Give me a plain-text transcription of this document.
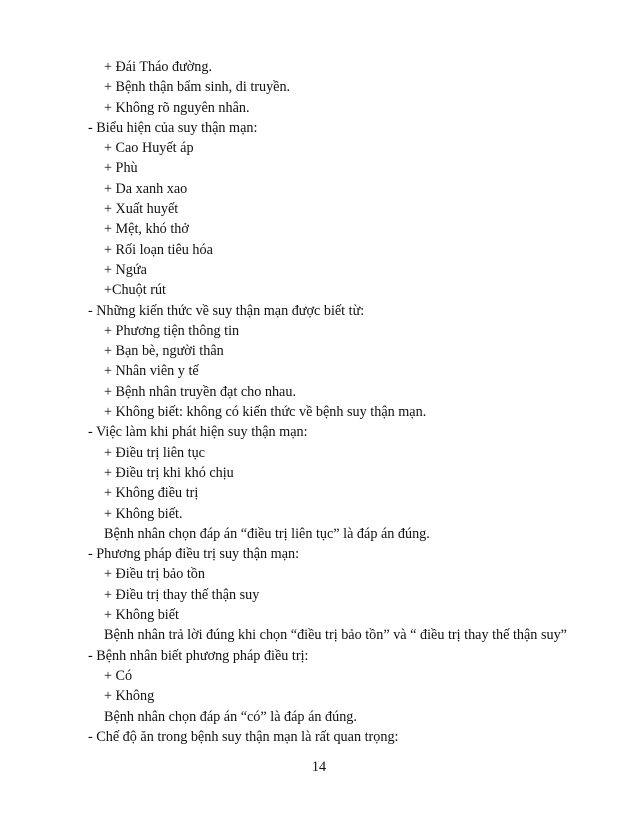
+ Đái Tháo đường.
+ Bệnh thận bẩm sinh, di truyền.
+ Không rõ nguyên nhân.
- Biểu hiện của suy thận mạn:
+ Cao Huyết áp
+ Phù
+ Da xanh xao
+ Xuất huyết
+ Mệt, khó thở
+ Rối loạn tiêu hóa
+ Ngứa
+Chuột rút
- Những kiến thức về suy thận mạn được biết từ:
+ Phương tiện thông tin
+ Bạn bè, người thân
+ Nhân viên y tế
+ Bệnh nhân truyền đạt cho nhau.
+ Không biết: không có kiến thức về bệnh suy thận mạn.
- Việc làm khi phát hiện suy thận mạn:
+ Điều trị liên tục
+ Điều trị khi khó chịu
+ Không điều trị
+ Không biết.
Bệnh nhân chọn đáp án “điều trị liên tục” là đáp án đúng.
- Phương pháp điều trị suy thận mạn:
+ Điều trị bảo tồn
+ Điều trị thay thế thận suy
+ Không biết
Bệnh nhân trả lời đúng khi chọn “điều trị bảo tồn” và “ điều trị thay thế thận suy”
- Bệnh nhân biết phương pháp điều trị:
+ Có
+ Không
Bệnh nhân chọn đáp án “có” là đáp án đúng.
- Chế độ ăn trong bệnh suy thận mạn là rất quan trọng:
14
